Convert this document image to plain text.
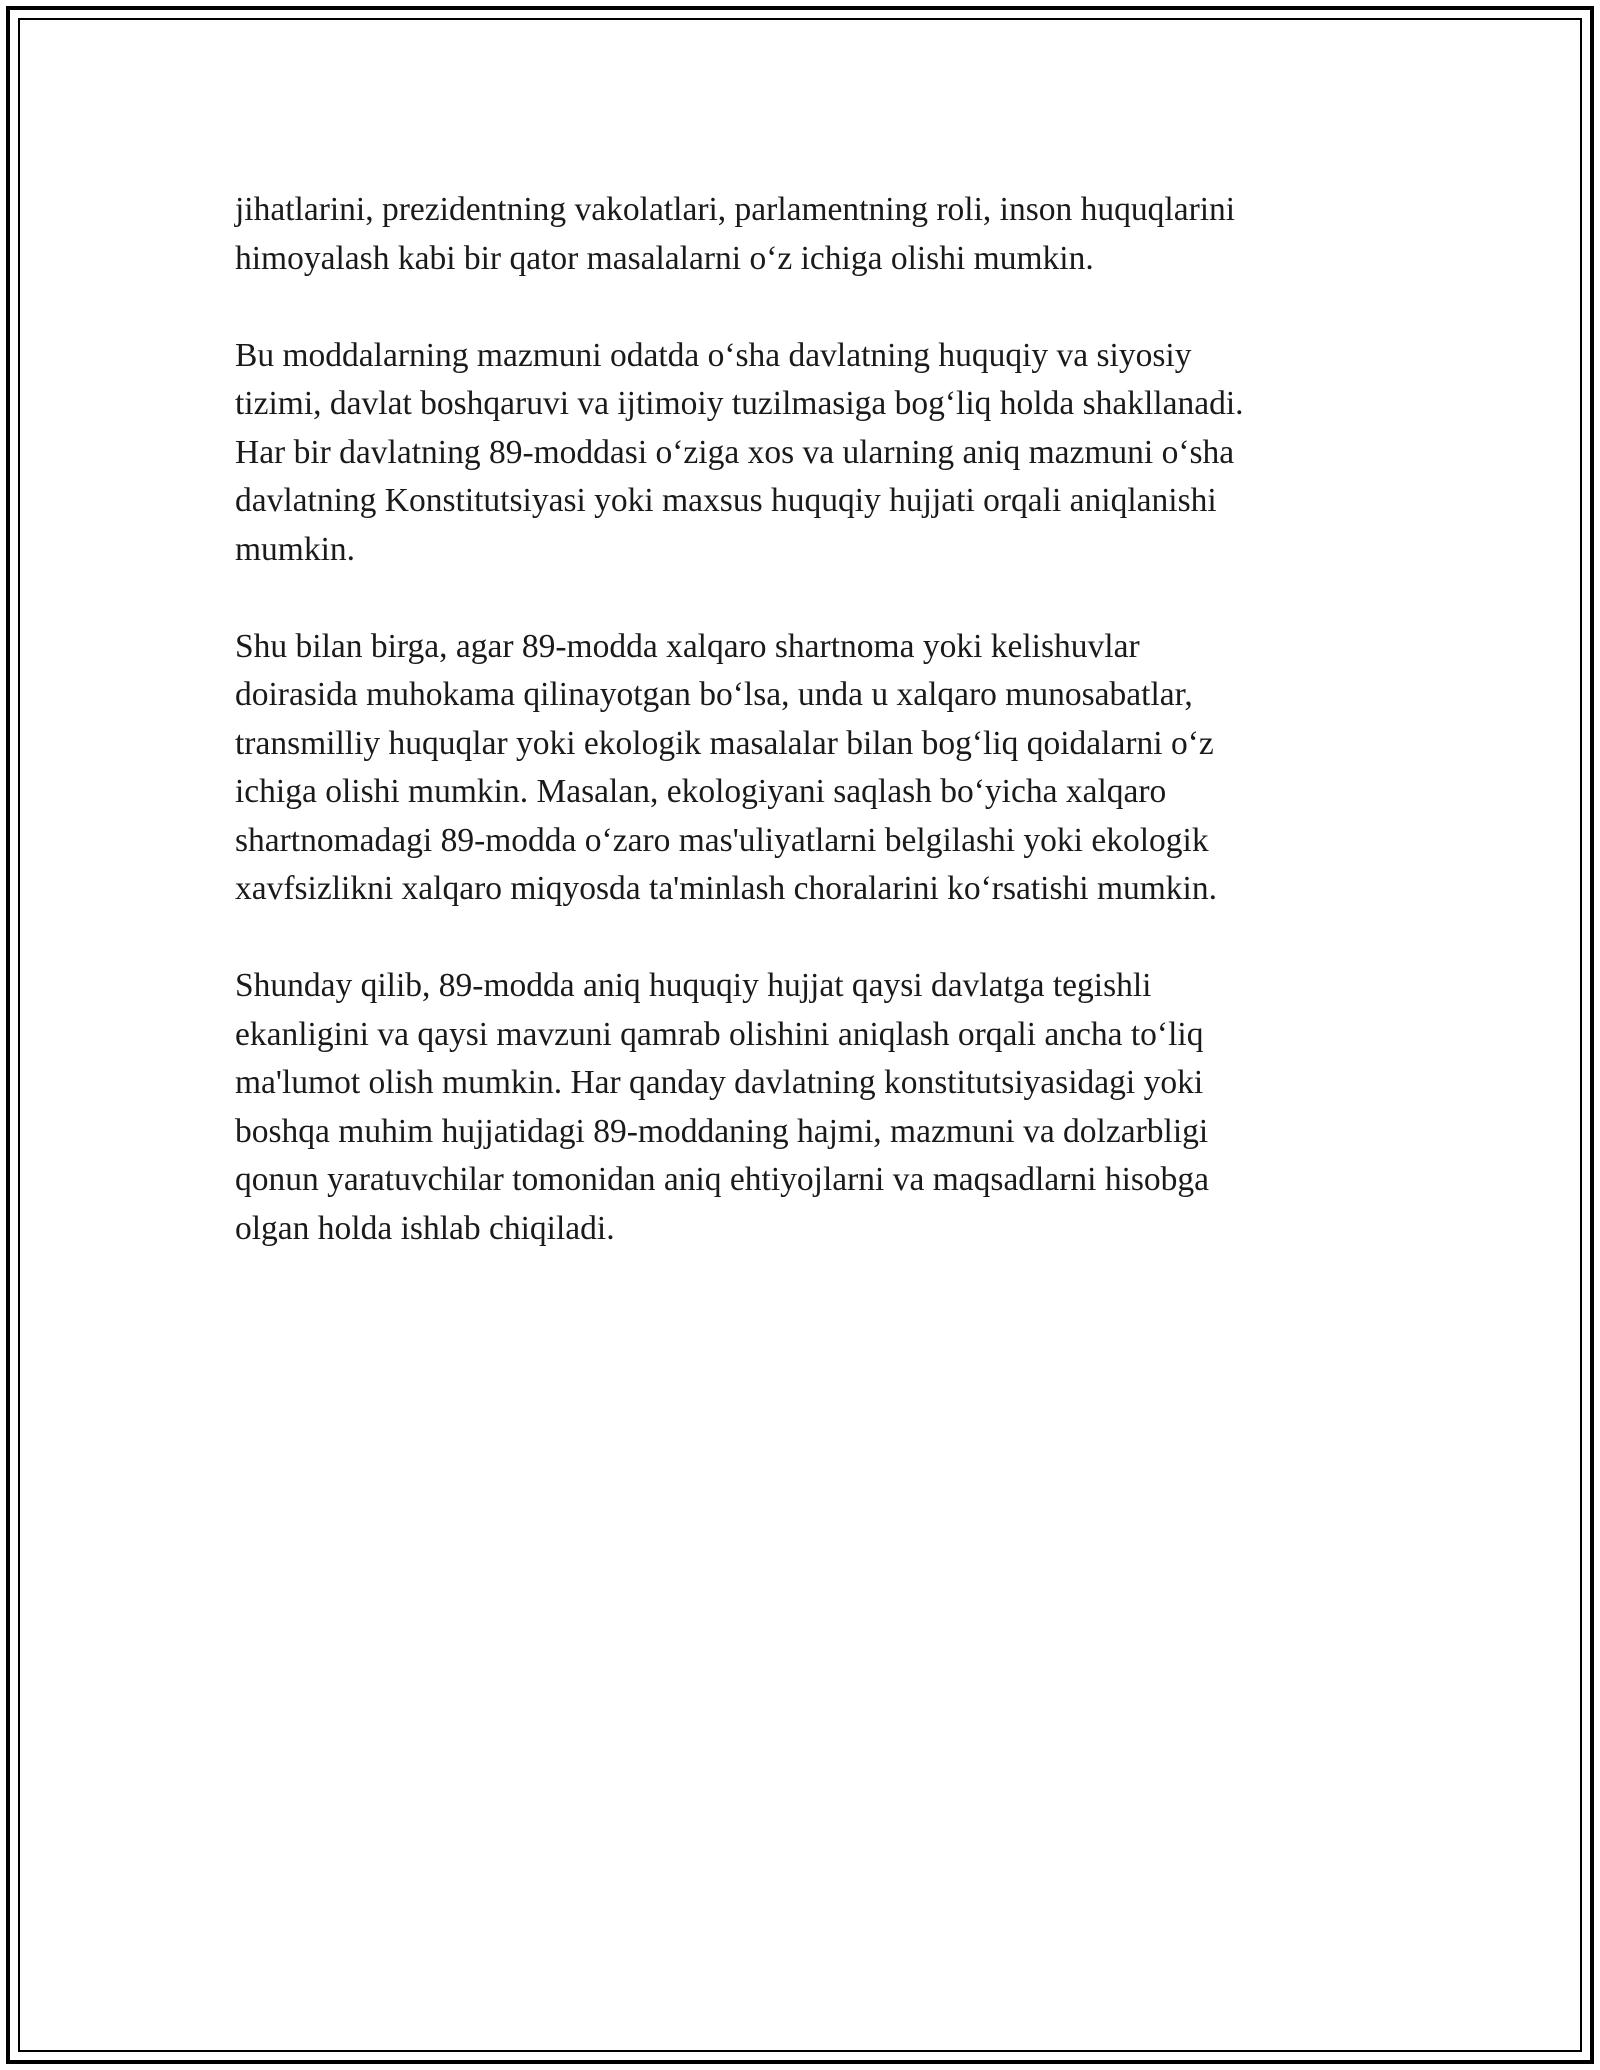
jihatlarini, prezidentning vakolatlari, parlamentning roli, inson huquqlarini
himoyalash kabi bir qator masalalarni o‘z ichiga olishi mumkin.

Bu moddalarning mazmuni odatda o‘sha davlatning huquqiy va siyosiy
tizimi, davlat boshqaruvi va ijtimoiy tuzilmasiga bog‘liq holda shakllanadi.
Har bir davlatning 89-moddasi o‘ziga xos va ularning aniq mazmuni o‘sha
davlatning Konstitutsiyasi yoki maxsus huquqiy hujjati orqali aniqlanishi
mumkin.

Shu bilan birga, agar 89-modda xalqaro shartnoma yoki kelishuvlar
doirasida muhokama qilinayotgan bo‘lsa, unda u xalqaro munosabatlar,
transmilliy huquqlar yoki ekologik masalalar bilan bog‘liq qoidalarni o‘z
ichiga olishi mumkin. Masalan, ekologiyani saqlash bo‘yicha xalqaro
shartnomadagi 89-modda o‘zaro mas'uliyatlarni belgilashi yoki ekologik
xavfsizlikni xalqaro miqyosda ta'minlash choralarini ko‘rsatishi mumkin.

Shunday qilib, 89-modda aniq huquqiy hujjat qaysi davlatga tegishli
ekanligini va qaysi mavzuni qamrab olishini aniqlash orqali ancha to‘liq
ma'lumot olish mumkin. Har qanday davlatning konstitutsiyasidagi yoki
boshqa muhim hujjatidagi 89-moddaning hajmi, mazmuni va dolzarbligi
qonun yaratuvchilar tomonidan aniq ehtiyojlarni va maqsadlarni hisobga
olgan holda ishlab chiqiladi.
